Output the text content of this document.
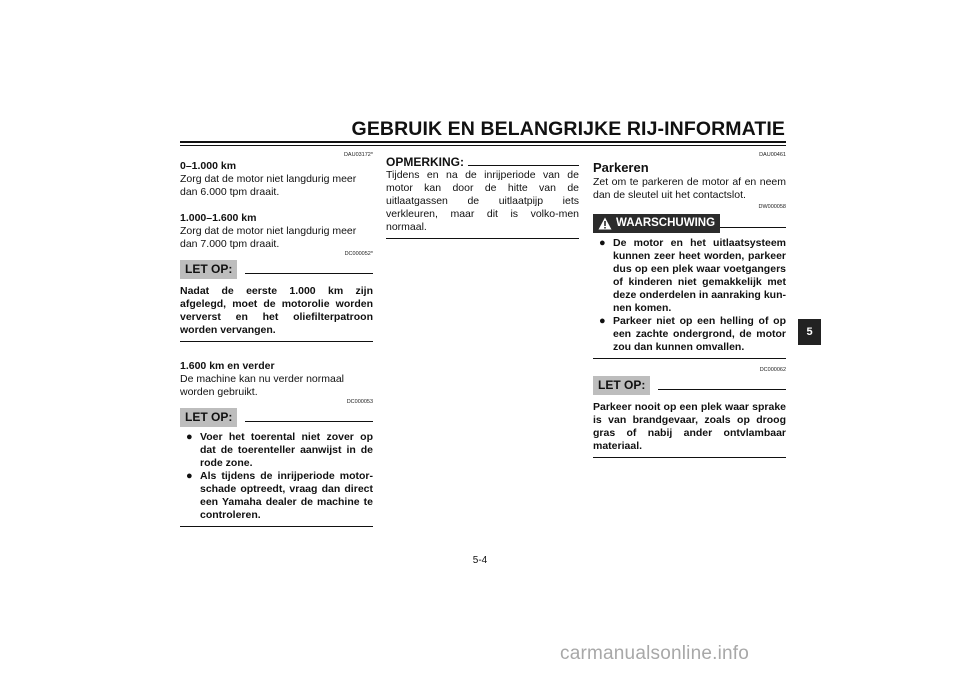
GEBRUIK EN BELANGRIJKE RIJ-INFORMATIE
DAU03172*
0–1.000 km

Zorg dat de motor niet langdurig meer dan 6.000 tpm draait.

1.000–1.600 km

Zorg dat de motor niet langdurig meer dan 7.000 tpm draait.

DC000052*
LET OP:

Nadat de eerste 1.000 km zijn afgelegd, moet de motorolie worden ververst en het oliefilterpatroon worden vervangen.

1.600 km en verder

De machine kan nu verder normaal worden gebruikt.

DC000053
LET OP:
● Voer het toerental niet zover op dat de toerenteller aanwijst in de rode zone.
● Als tijdens de inrijperiode motor-schade optreedt, vraag dan direct een Yamaha dealer de machine te controleren.
OPMERKING:

Tijdens en na de inrijperiode van de motor kan door de hitte van de uitlaatgassen de uitlaatpijp iets verkleuren, maar dit is volko-men normaal.

DAU00461
Parkeren

Zet om te parkeren de motor af en neem dan de sleutel uit het contactslot.

DW000058
WAARSCHUWING
● De motor en het uitlaatsysteem kunnen zeer heet worden, parkeer dus op een plek waar voetgangers of kinderen niet gemakkelijk met deze onderdelen in aanraking kun-nen komen.
● Parkeer niet op een helling of op een zachte ondergrond, de motor zou dan kunnen omvallen.
DC000062
LET OP:

Parkeer nooit op een plek waar sprake is van brandgevaar, zoals op droog gras of nabij ander ontvlambaar materiaal.

5
5-4
carmanualsonline.info
